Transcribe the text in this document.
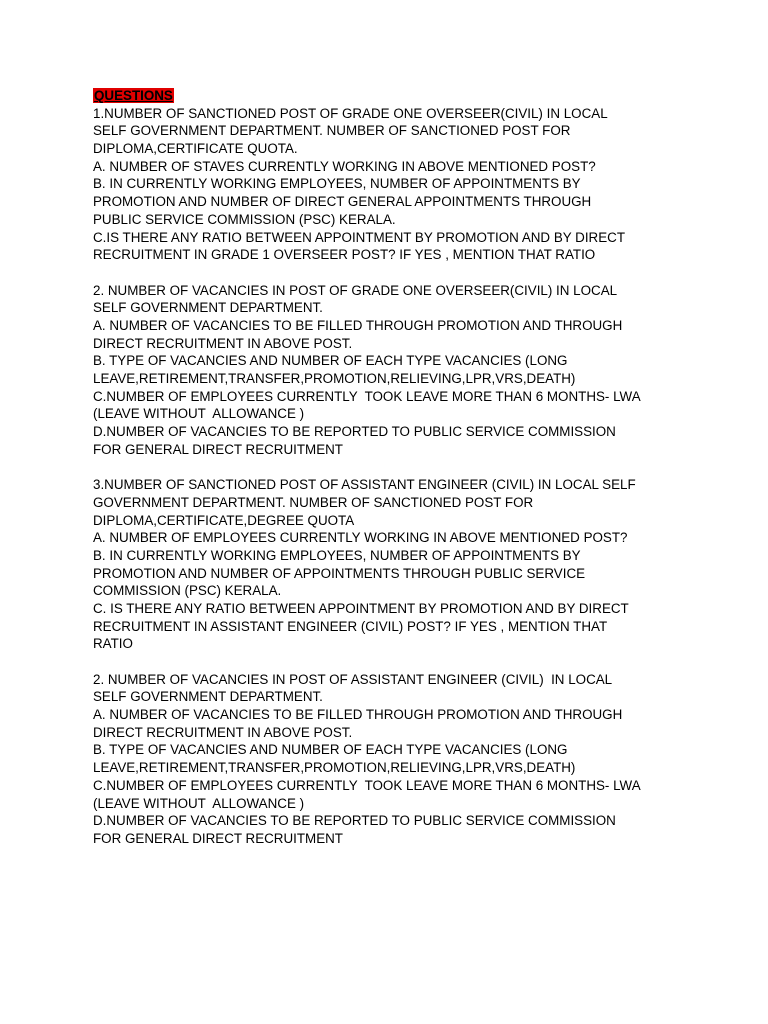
QUESTIONS
1.NUMBER OF SANCTIONED POST OF GRADE ONE OVERSEER(CIVIL) IN LOCAL
SELF GOVERNMENT DEPARTMENT. NUMBER OF SANCTIONED POST FOR
DIPLOMA,CERTIFICATE QUOTA.
A. NUMBER OF STAVES CURRENTLY WORKING IN ABOVE MENTIONED POST?
B. IN CURRENTLY WORKING EMPLOYEES, NUMBER OF APPOINTMENTS BY
PROMOTION AND NUMBER OF DIRECT GENERAL APPOINTMENTS THROUGH
PUBLIC SERVICE COMMISSION (PSC) KERALA.
C.IS THERE ANY RATIO BETWEEN APPOINTMENT BY PROMOTION AND BY DIRECT
RECRUITMENT IN GRADE 1 OVERSEER POST? IF YES , MENTION THAT RATIO
2. NUMBER OF VACANCIES IN POST OF GRADE ONE OVERSEER(CIVIL) IN LOCAL
SELF GOVERNMENT DEPARTMENT.
A. NUMBER OF VACANCIES TO BE FILLED THROUGH PROMOTION AND THROUGH
DIRECT RECRUITMENT IN ABOVE POST.
B. TYPE OF VACANCIES AND NUMBER OF EACH TYPE VACANCIES (LONG
LEAVE,RETIREMENT,TRANSFER,PROMOTION,RELIEVING,LPR,VRS,DEATH)
C.NUMBER OF EMPLOYEES CURRENTLY  TOOK LEAVE MORE THAN 6 MONTHS- LWA
(LEAVE WITHOUT  ALLOWANCE )
D.NUMBER OF VACANCIES TO BE REPORTED TO PUBLIC SERVICE COMMISSION
FOR GENERAL DIRECT RECRUITMENT
3.NUMBER OF SANCTIONED POST OF ASSISTANT ENGINEER (CIVIL) IN LOCAL SELF
GOVERNMENT DEPARTMENT. NUMBER OF SANCTIONED POST FOR
DIPLOMA,CERTIFICATE,DEGREE QUOTA
A. NUMBER OF EMPLOYEES CURRENTLY WORKING IN ABOVE MENTIONED POST?
B. IN CURRENTLY WORKING EMPLOYEES, NUMBER OF APPOINTMENTS BY
PROMOTION AND NUMBER OF APPOINTMENTS THROUGH PUBLIC SERVICE
COMMISSION (PSC) KERALA.
C. IS THERE ANY RATIO BETWEEN APPOINTMENT BY PROMOTION AND BY DIRECT
RECRUITMENT IN ASSISTANT ENGINEER (CIVIL) POST? IF YES , MENTION THAT
RATIO
2. NUMBER OF VACANCIES IN POST OF ASSISTANT ENGINEER (CIVIL)  IN LOCAL
SELF GOVERNMENT DEPARTMENT.
A. NUMBER OF VACANCIES TO BE FILLED THROUGH PROMOTION AND THROUGH
DIRECT RECRUITMENT IN ABOVE POST.
B. TYPE OF VACANCIES AND NUMBER OF EACH TYPE VACANCIES (LONG
LEAVE,RETIREMENT,TRANSFER,PROMOTION,RELIEVING,LPR,VRS,DEATH)
C.NUMBER OF EMPLOYEES CURRENTLY  TOOK LEAVE MORE THAN 6 MONTHS- LWA
(LEAVE WITHOUT  ALLOWANCE )
D.NUMBER OF VACANCIES TO BE REPORTED TO PUBLIC SERVICE COMMISSION
FOR GENERAL DIRECT RECRUITMENT
